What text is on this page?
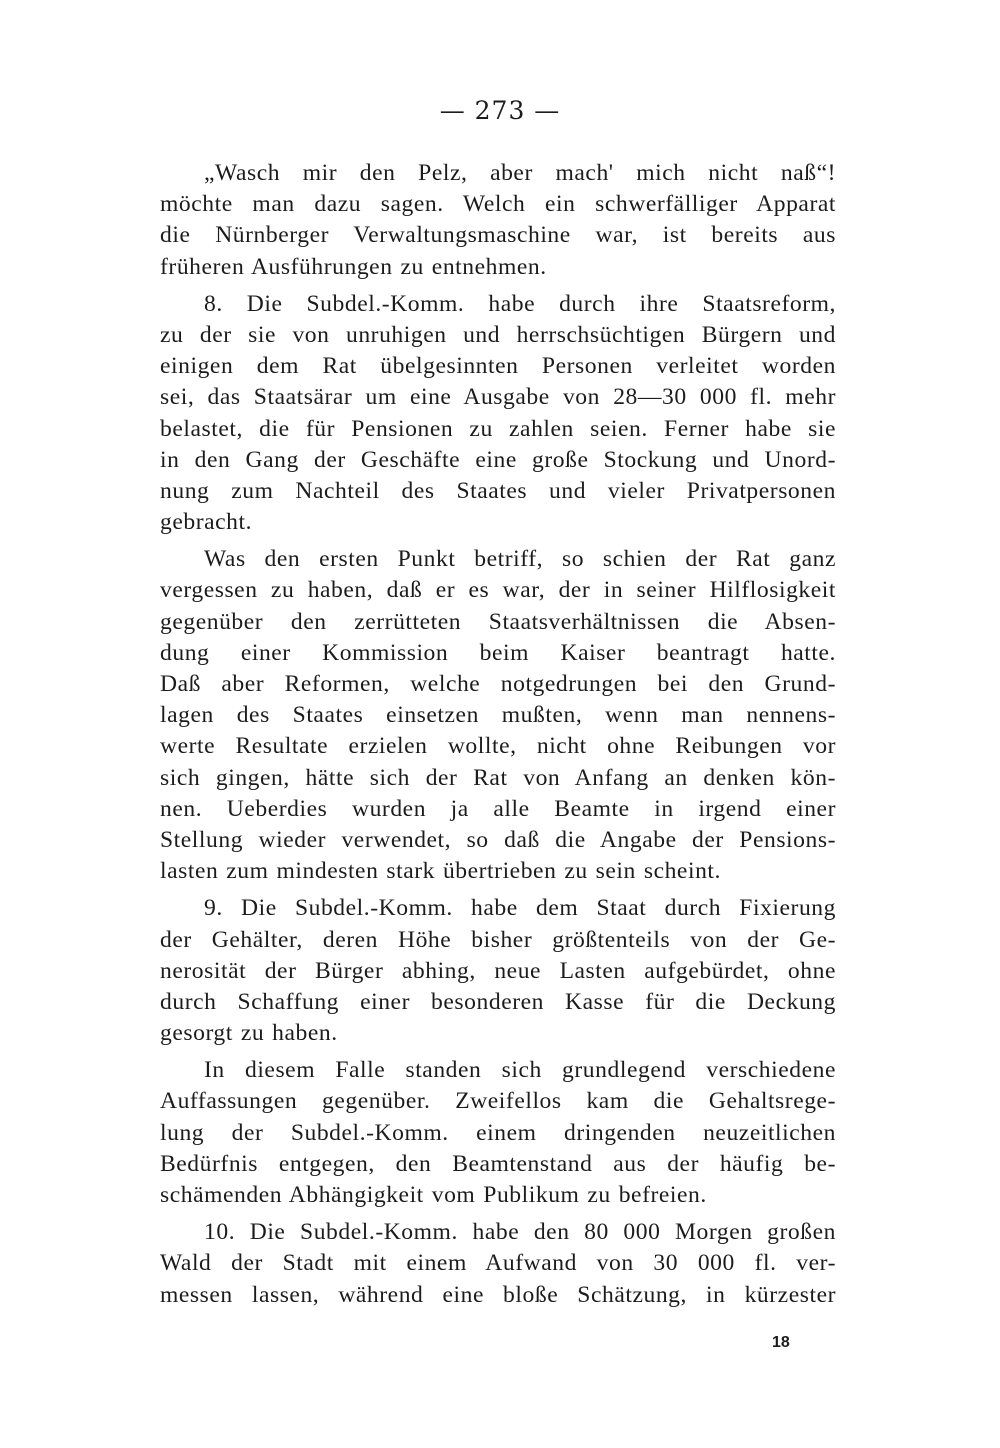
— 273 —
„Wasch mir den Pelz, aber mach' mich nicht naß“!
möchte man dazu sagen. Welch ein schwerfälliger Apparat
die Nürnberger Verwaltungsmaschine war, ist bereits aus
früheren Ausführungen zu entnehmen.
8. Die Subdel.-Komm. habe durch ihre Staatsreform,
zu der sie von unruhigen und herrschsüchtigen Bürgern und
einigen dem Rat übelgesinnten Personen verleitet worden
sei, das Staatsärar um eine Ausgabe von 28—30 000 fl. mehr
belastet, die für Pensionen zu zahlen seien. Ferner habe sie
in den Gang der Geschäfte eine große Stockung und Unord-
nung zum Nachteil des Staates und vieler Privatpersonen
gebracht.
Was den ersten Punkt betriff, so schien der Rat ganz
vergessen zu haben, daß er es war, der in seiner Hilflosigkeit
gegenüber den zerrütteten Staatsverhältnissen die Absen-
dung einer Kommission beim Kaiser beantragt hatte.
Daß aber Reformen, welche notgedrungen bei den Grund-
lagen des Staates einsetzen mußten, wenn man nennens-
werte Resultate erzielen wollte, nicht ohne Reibungen vor
sich gingen, hätte sich der Rat von Anfang an denken kön-
nen. Ueberdies wurden ja alle Beamte in irgend einer
Stellung wieder verwendet, so daß die Angabe der Pensions-
lasten zum mindesten stark übertrieben zu sein scheint.
9. Die Subdel.-Komm. habe dem Staat durch Fixierung
der Gehälter, deren Höhe bisher größtenteils von der Ge-
nerosität der Bürger abhing, neue Lasten aufgebürdet, ohne
durch Schaffung einer besonderen Kasse für die Deckung
gesorgt zu haben.
In diesem Falle standen sich grundlegend verschiedene
Auffassungen gegenüber. Zweifellos kam die Gehaltsrege-
lung der Subdel.-Komm. einem dringenden neuzeitlichen
Bedürfnis entgegen, den Beamtenstand aus der häufig be-
schämenden Abhängigkeit vom Publikum zu befreien.
10. Die Subdel.-Komm. habe den 80 000 Morgen großen
Wald der Stadt mit einem Aufwand von 30 000 fl. ver-
messen lassen, während eine bloße Schätzung, in kürzester
18
